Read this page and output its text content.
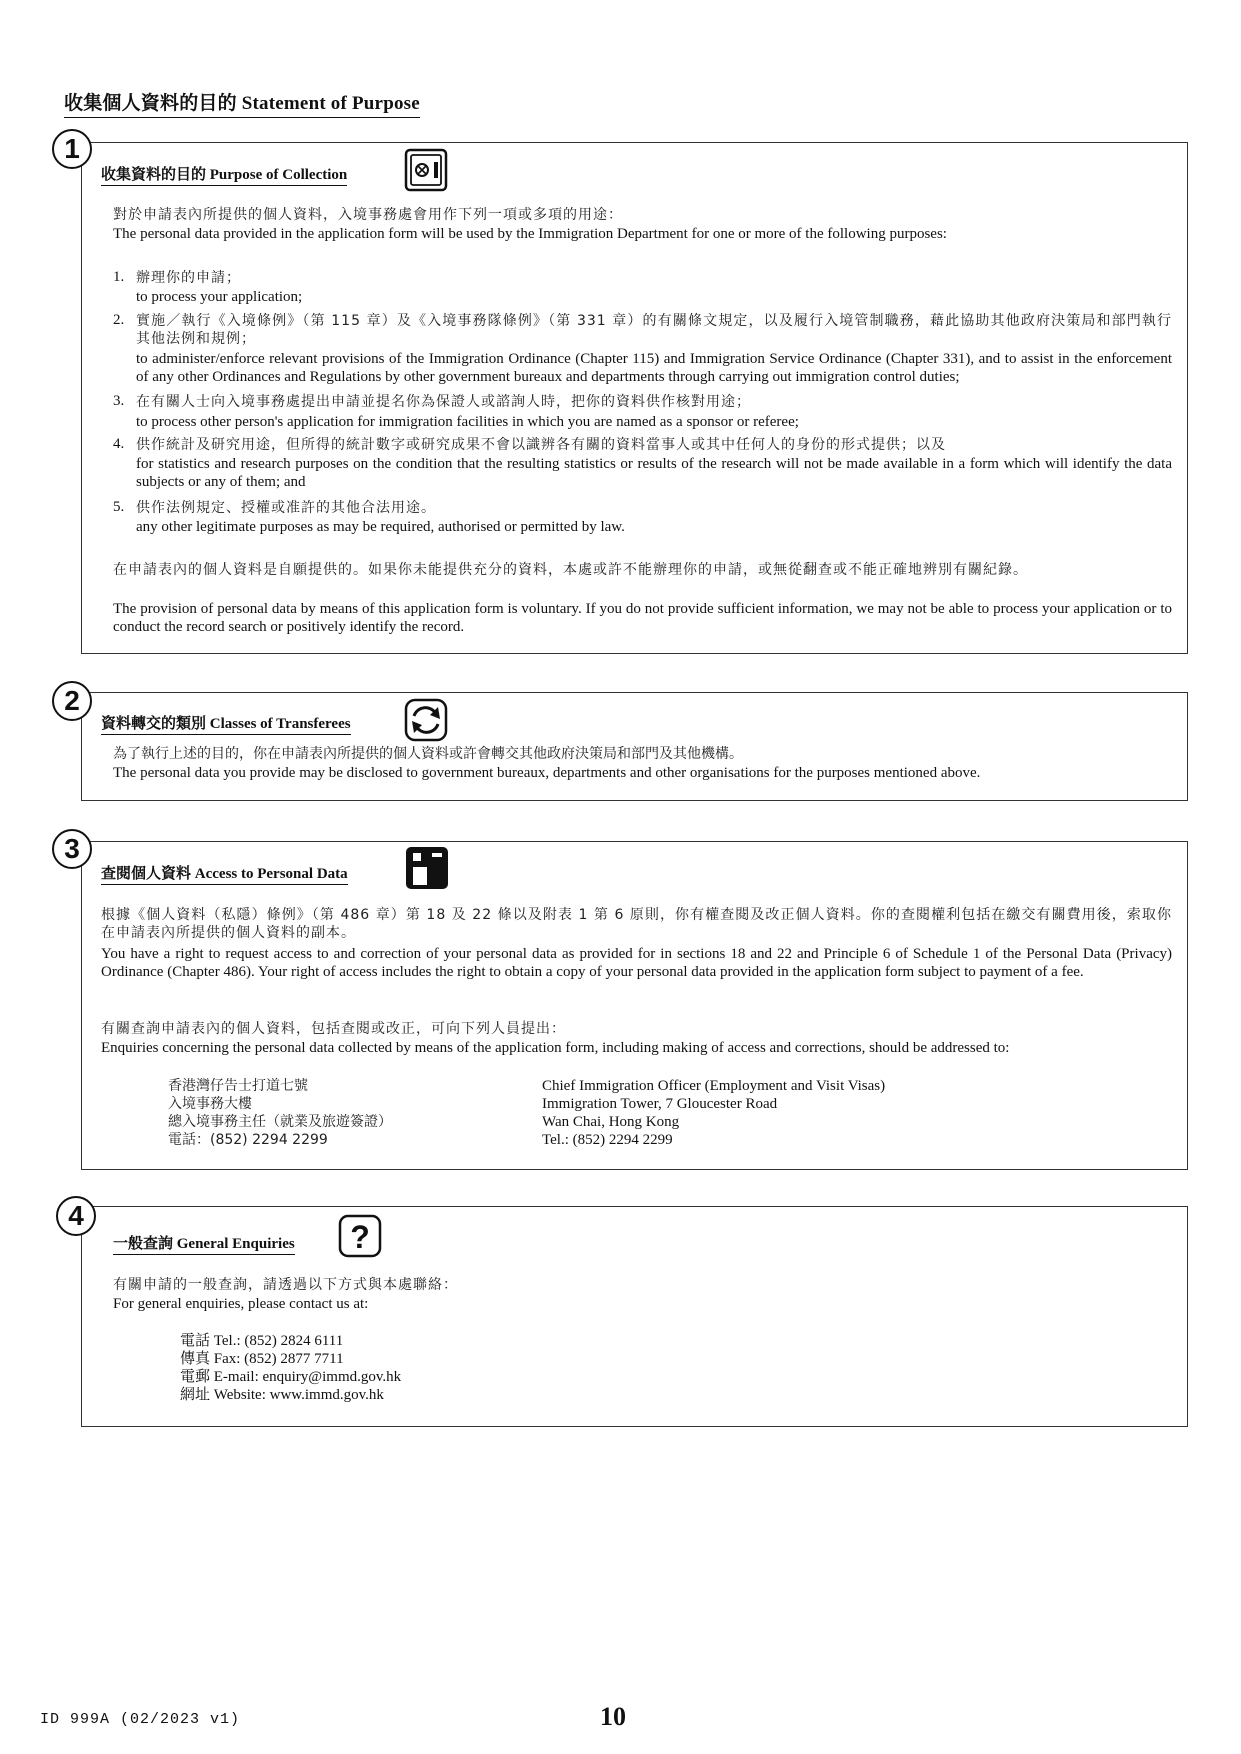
收集個人資料的目的 Statement of Purpose
1
收集資料的目的 Purpose of Collection
對於申請表內所提供的個人資料，入境事務處會用作下列一項或多項的用途：
The personal data provided in the application form will be used by the Immigration Department for one or more of the following purposes:
1. 辦理你的申請；
to process your application;
2. 實施／執行《入境條例》（第 115 章）及《入境事務隊條例》（第 331 章）的有關條文規定，以及履行入境管制職務，藉此協助其他政府決策局和部門執行其他法例和規例；
to administer/enforce relevant provisions of the Immigration Ordinance (Chapter 115) and Immigration Service Ordinance (Chapter 331), and to assist in the enforcement of any other Ordinances and Regulations by other government bureaux and departments through carrying out immigration control duties;
3. 在有關人士向入境事務處提出申請並提名你為保證人或諮詢人時，把你的資料供作核對用途；
to process other person's application for immigration facilities in which you are named as a sponsor or referee;
4. 供作統計及研究用途，但所得的統計數字或研究成果不會以識辨各有關的資料當事人或其中任何人的身份的形式提供；以及
for statistics and research purposes on the condition that the resulting statistics or results of the research will not be made available in a form which will identify the data subjects or any of them; and
5. 供作法例規定、授權或准許的其他合法用途。
any other legitimate purposes as may be required, authorised or permitted by law.
在申請表內的個人資料是自願提供的。如果你未能提供充分的資料，本處或許不能辦理你的申請，或無從翻查或不能正確地辨別有關紀錄。
The provision of personal data by means of this application form is voluntary. If you do not provide sufficient information, we may not be able to process your application or to conduct the record search or positively identify the record.
2
資料轉交的類別 Classes of Transferees
為了執行上述的目的，你在申請表內所提供的個人資料或許會轉交其他政府決策局和部門及其他機構。
The personal data you provide may be disclosed to government bureaux, departments and other organisations for the purposes mentioned above.
3
查閱個人資料 Access to Personal Data
根據《個人資料（私隱）條例》（第 486 章）第 18 及 22 條以及附表 1 第 6 原則，你有權查閱及改正個人資料。你的查閱權利包括在繳交有關費用後，索取你在申請表內所提供的個人資料的副本。
You have a right to request access to and correction of your personal data as provided for in sections 18 and 22 and Principle 6 of Schedule 1 of the Personal Data (Privacy) Ordinance (Chapter 486). Your right of access includes the right to obtain a copy of your personal data provided in the application form subject to payment of a fee.
有關查詢申請表內的個人資料，包括查閱或改正，可向下列人員提出：
Enquiries concerning the personal data collected by means of the application form, including making of access and corrections, should be addressed to:
香港灣仔告士打道七號
入境事務大樓
總入境事務主任（就業及旅遊簽證）
電話：(852) 2294 2299
Chief Immigration Officer (Employment and Visit Visas)
Immigration Tower, 7 Gloucester Road
Wan Chai, Hong Kong
Tel.: (852) 2294 2299
4
一般查詢 General Enquiries ?
有關申請的一般查詢，請透過以下方式與本處聯絡：
For general enquiries, please contact us at:
電話 Tel.: (852) 2824 6111
傳真 Fax: (852) 2877 7711
電郵 E-mail: enquiry@immd.gov.hk
網址 Website: www.immd.gov.hk
ID 999A (02/2023 v1)	10
